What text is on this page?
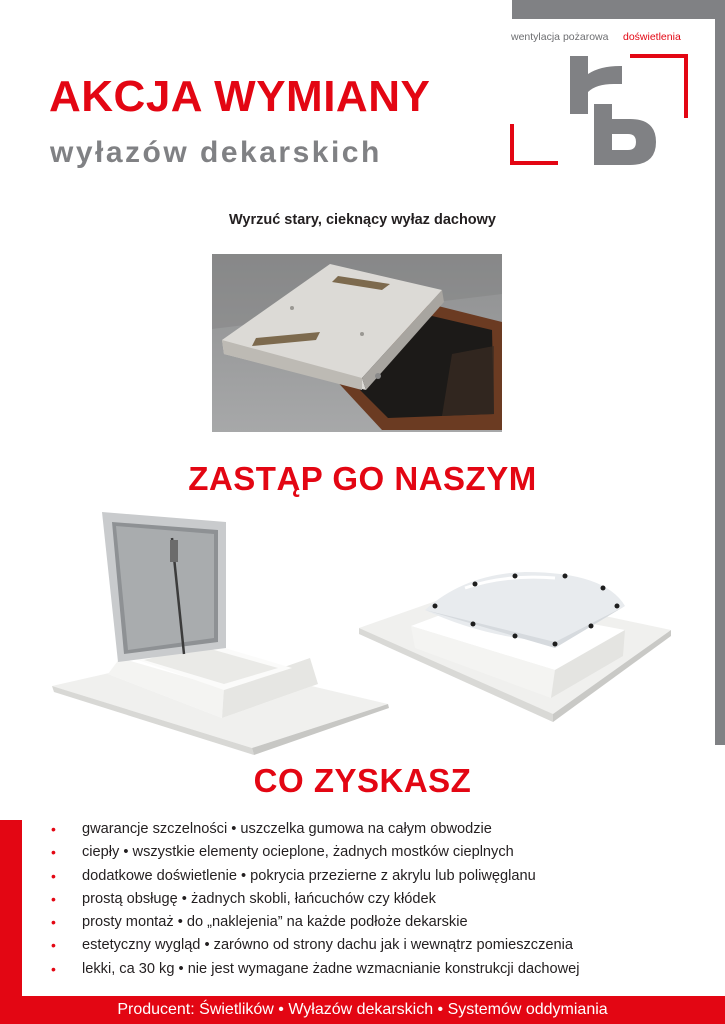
wentylacja pożarowa doświetlenia
AKCJA WYMIANY
wyłazów dekarskich
Wyrzuć stary, cieknący wyłaz dachowy
ZASTĄP GO NASZYM
CO ZYSKASZ
• gwarancje szczelności • uszczelka gumowa na całym obwodzie
• ciepły • wszystkie elementy ocieplone, żadnych mostków cieplnych
• dodatkowe doświetlenie • pokrycia przezierne z akrylu lub poliwęglanu
• prostą obsługę • żadnych skobli, łańcuchów czy kłódek
• prosty montaż • do „naklejenia” na każde podłoże dekarskie
• estetyczny wygląd • zarówno od strony dachu jak i wewnątrz pomieszczenia
• lekki, ca 30 kg • nie jest wymagane żadne wzmacnianie konstrukcji dachowej
Producent: Świetlików • Wyłazów dekarskich • Systemów oddymiania
